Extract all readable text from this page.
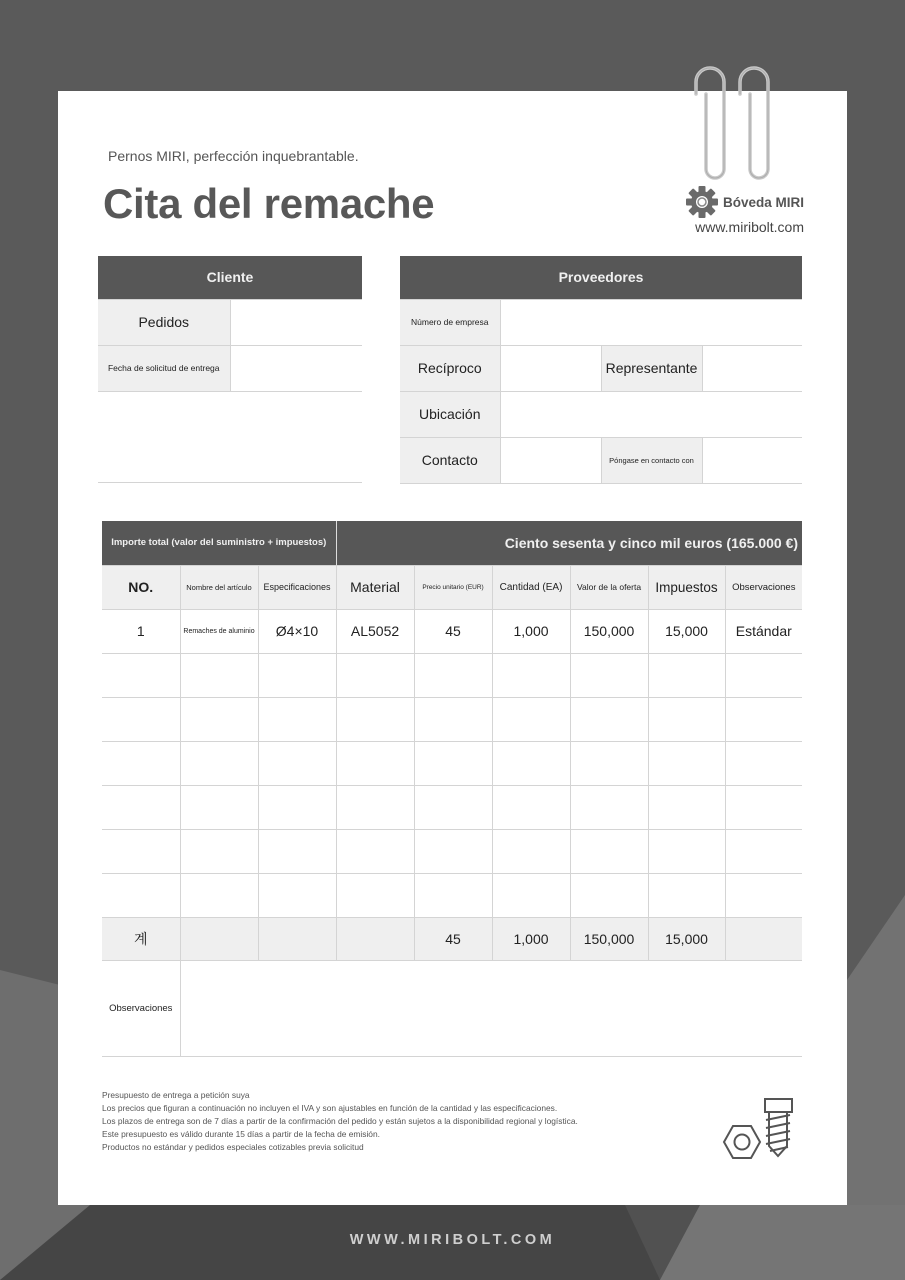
Pernos MIRI, perfección inquebrantable.
Cita del remache	Bóveda MIRI
www.miribolt.com
Cliente	
Pedidos	
Fecha de solicitud de entrega	
Proveedores			
Número de empresa			
Recíproco		Representante	
Ubicación			
Contacto		Póngase en contacto con	
Importe total (valor del suministro + impuestos)			Ciento sesenta y cinco mil euros (165.000 €)					
NO.	Nombre del artículo	Especificaciones	Material	Precio unitario (EUR)	Cantidad (EA)	Valor de la oferta	Impuestos	Observaciones
1	Remaches de aluminio	Ø4×10	AL5052	45	1,000	150,000	15,000	Estándar

계				45	1,000	150,000	15,000	
Observaciones								
Presupuesto de entrega a petición suya
Los precios que figuran a continuación no incluyen el IVA y son ajustables en función de la cantidad y las especificaciones.
Los plazos de entrega son de 7 días a partir de la confirmación del pedido y están sujetos a la disponibilidad regional y logística.
Este presupuesto es válido durante 15 días a partir de la fecha de emisión.
Productos no estándar y pedidos especiales cotizables previa solicitud
WWW.MIRIBOLT.COM
